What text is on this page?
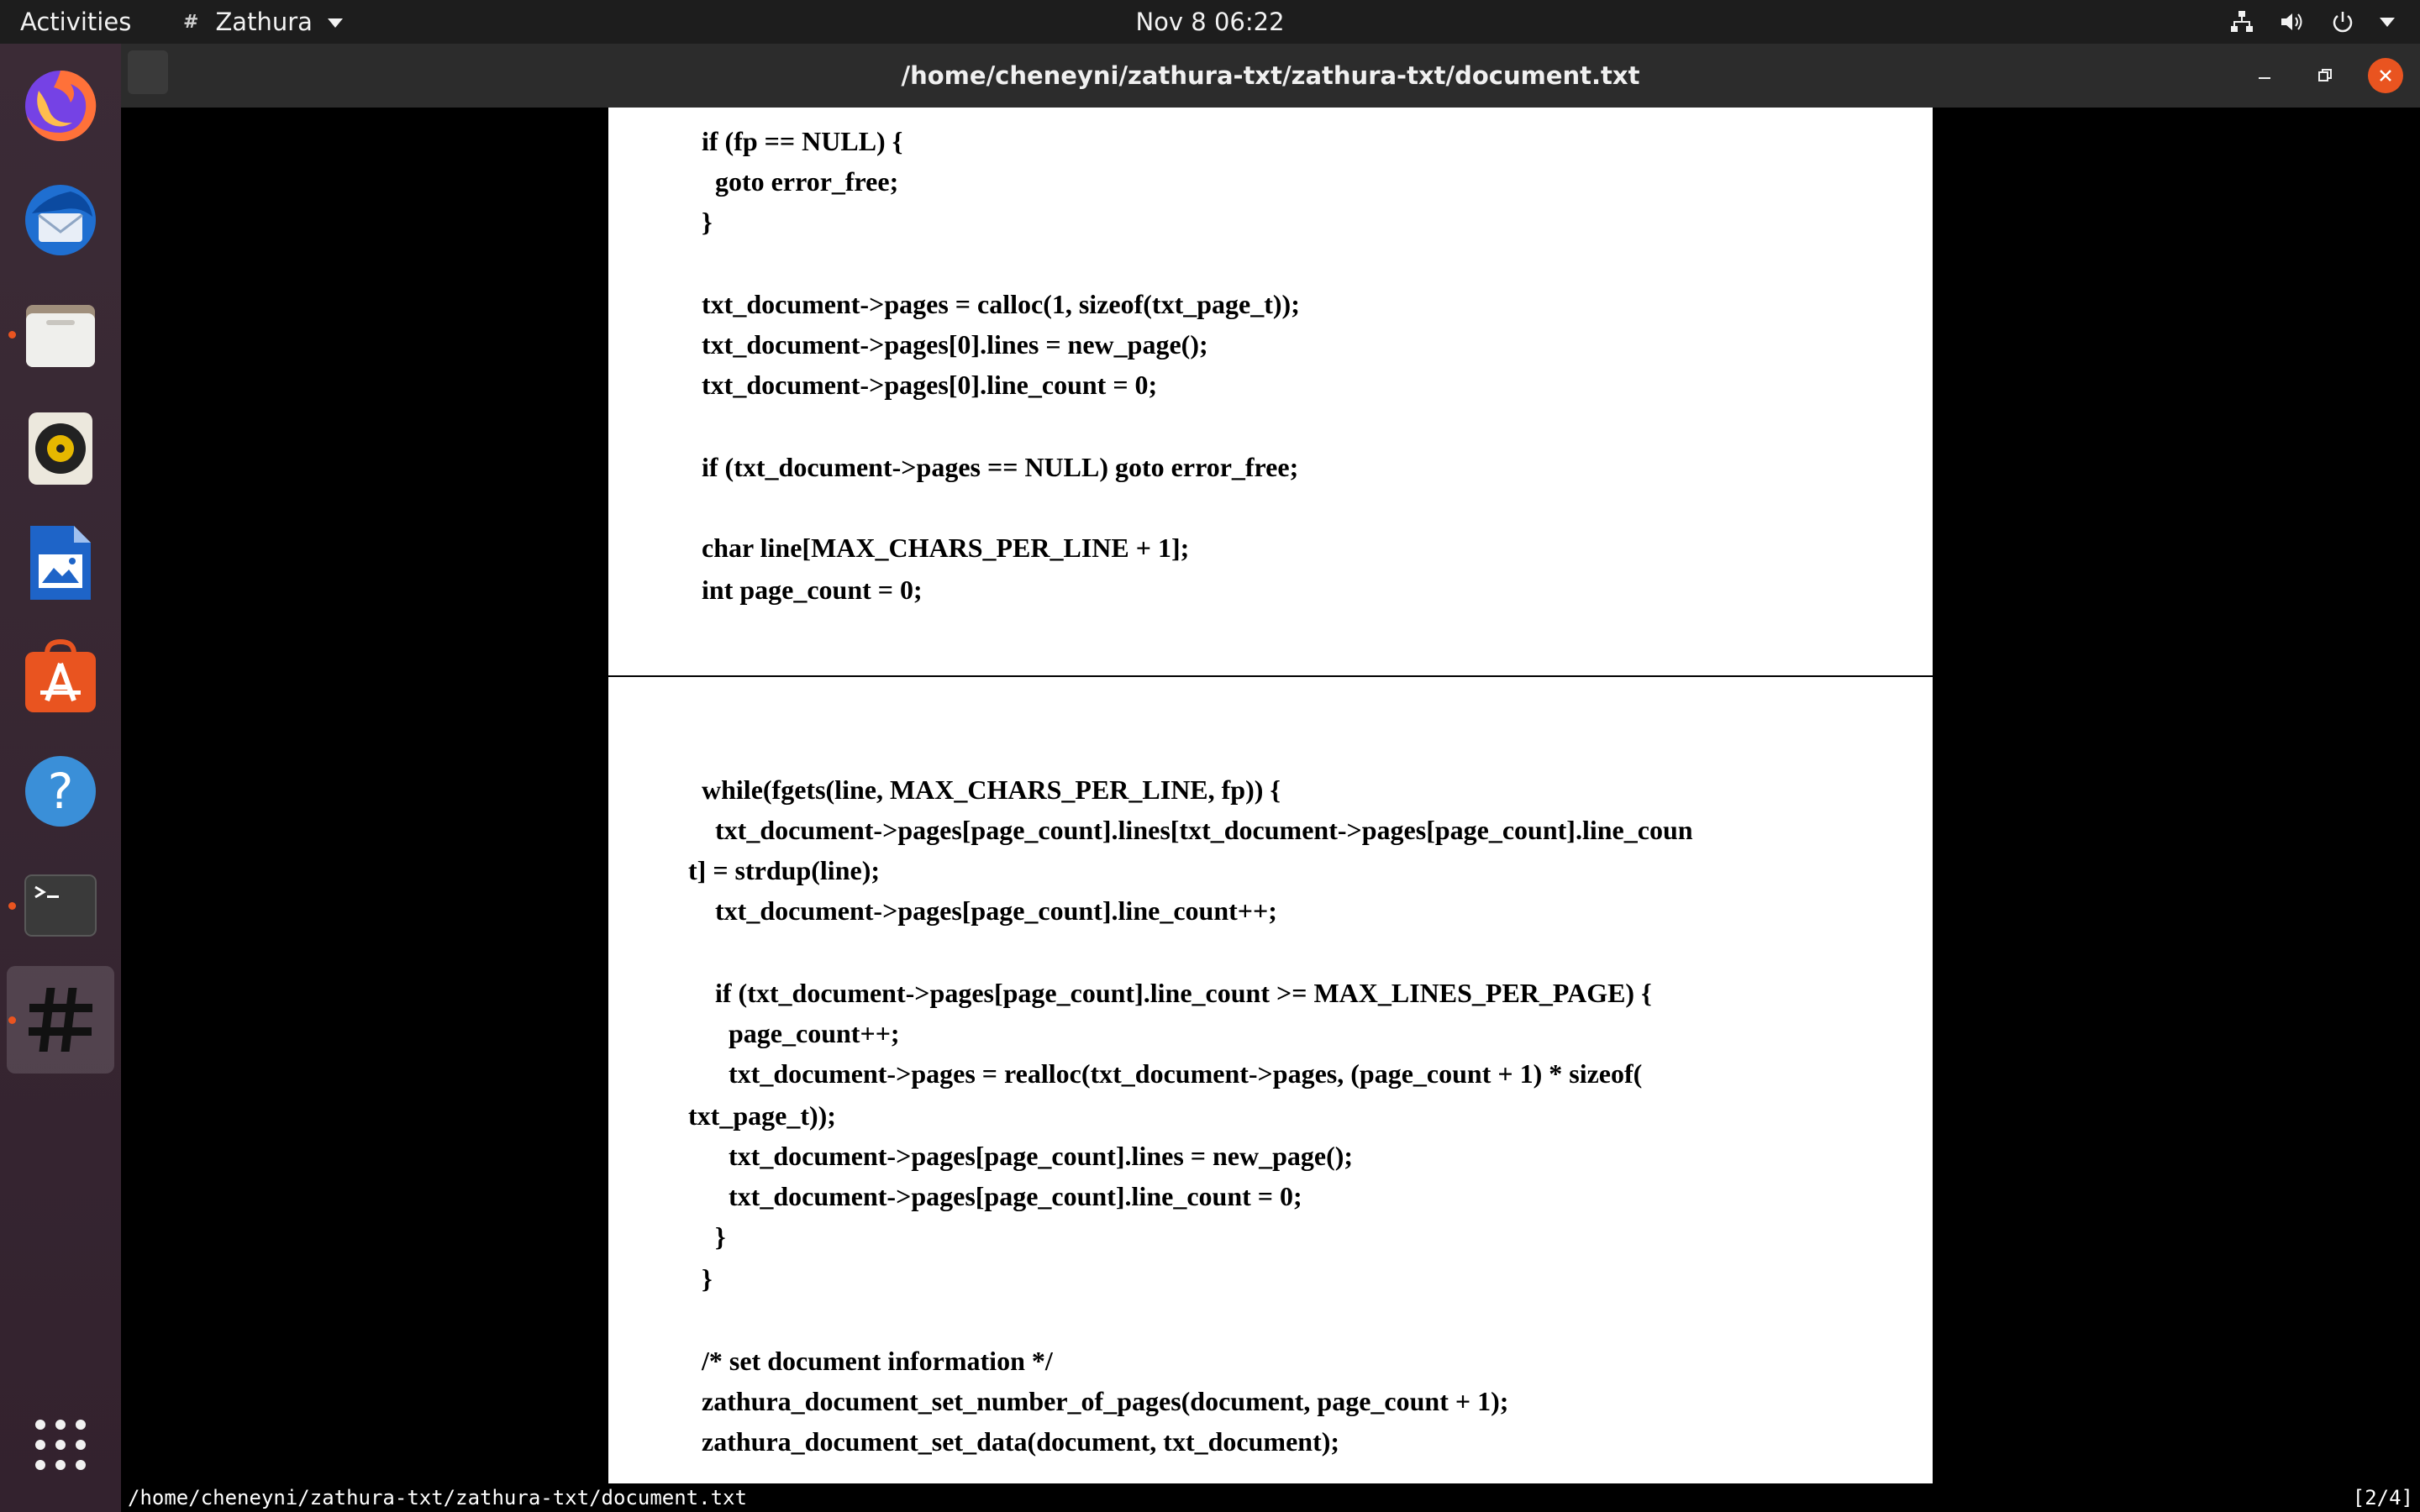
Activities	# Zathura	Nov 8 06:22
?
/home/cheneyni/zathura-txt/zathura-txt/document.txt
if (fp == NULL) {
goto error_free;
}
txt_document->pages = calloc(1, sizeof(txt_page_t));
txt_document->pages[0].lines = new_page();
txt_document->pages[0].line_count = 0;
if (txt_document->pages == NULL) goto error_free;
char line[MAX_CHARS_PER_LINE + 1];
int page_count = 0;
while(fgets(line, MAX_CHARS_PER_LINE, fp)) {
txt_document->pages[page_count].lines[txt_document->pages[page_count].line_coun
t] = strdup(line);
txt_document->pages[page_count].line_count++;
if (txt_document->pages[page_count].line_count >= MAX_LINES_PER_PAGE) {
page_count++;
txt_document->pages = realloc(txt_document->pages, (page_count + 1) * sizeof(
txt_page_t));
txt_document->pages[page_count].lines = new_page();
txt_document->pages[page_count].line_count = 0;
}
}
/* set document information */
zathura_document_set_number_of_pages(document, page_count + 1);
zathura_document_set_data(document, txt_document);
/home/cheneyni/zathura-txt/zathura-txt/document.txt	[2/4]
